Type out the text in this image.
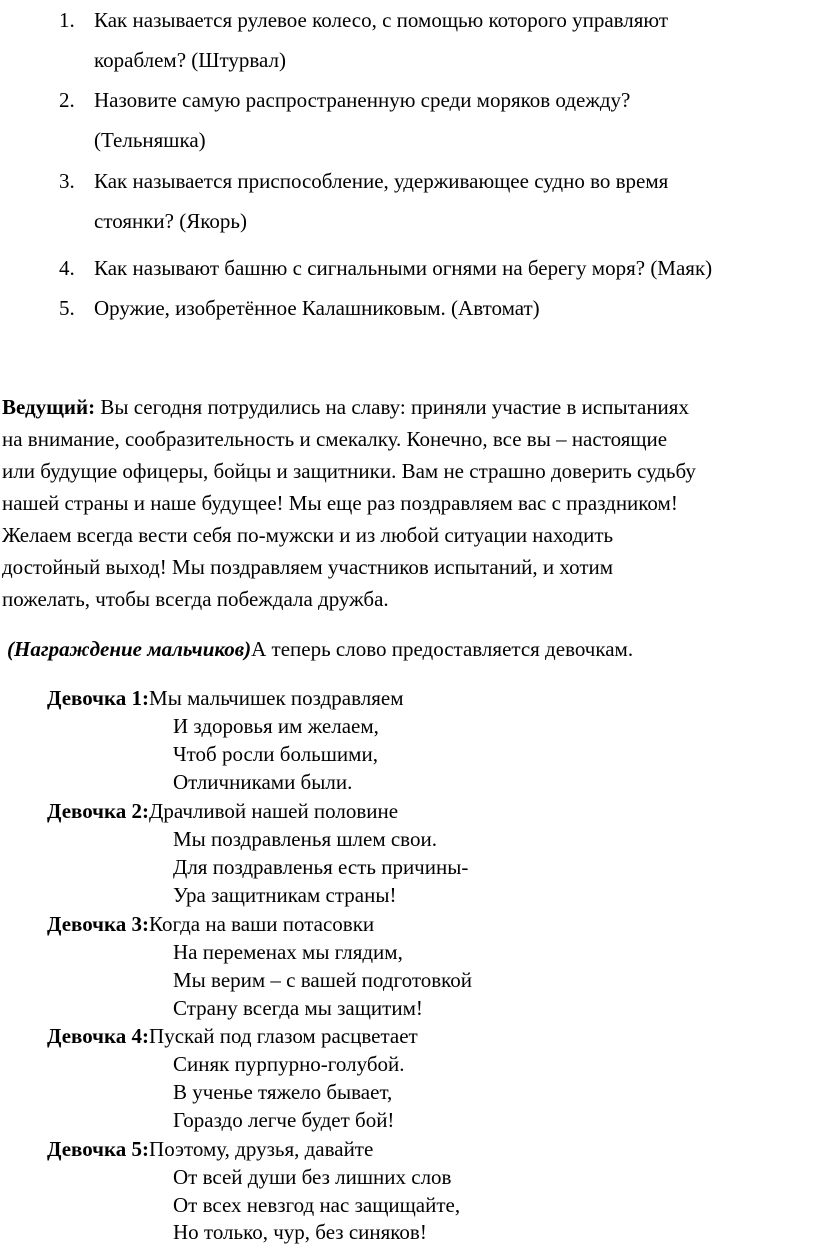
1. Как называется рулевое колесо, с помощью которого управляют
кораблем? (Штурвал)
2. Назовите самую распространенную среди моряков одежду?
(Тельняшка)
3. Как называется приспособление, удерживающее судно во время
стоянки? (Якорь)
4. Как называют башню с сигнальными огнями на берегу моря? (Маяк)
5. Оружие, изобретённое Калашниковым. (Автомат)
Ведущий: Вы сегодня потрудились на славу: приняли участие в испытаниях
на внимание, сообразительность и смекалку. Конечно, все вы – настоящие
или будущие офицеры, бойцы и защитники. Вам не страшно доверить судьбу
нашей страны и наше будущее! Мы еще раз поздравляем вас с праздником!
Желаем всегда вести себя по-мужски и из любой ситуации находить
достойный выход! Мы поздравляем участников испытаний, и хотим
пожелать, чтобы всегда побеждала дружба.
(Награждение мальчиков)А теперь слово предоставляется девочкам.
Девочка 1:Мы мальчишек поздравляем
И здоровья им желаем,
Чтоб росли большими,
Отличниками были.
Девочка 2:Драчливой нашей половине
Мы поздравленья шлем свои.
Для поздравленья есть причины-
Ура защитникам страны!
Девочка 3:Когда на ваши потасовки
На переменах мы глядим,
Мы верим – с вашей подготовкой
Страну всегда мы защитим!
Девочка 4:Пускай под глазом расцветает
Синяк пурпурно-голубой.
В ученье тяжело бывает,
Гораздо легче будет бой!
Девочка 5:Поэтому, друзья, давайте
От всей души без лишних слов
От всех невзгод нас защищайте,
Но только, чур, без синяков!
